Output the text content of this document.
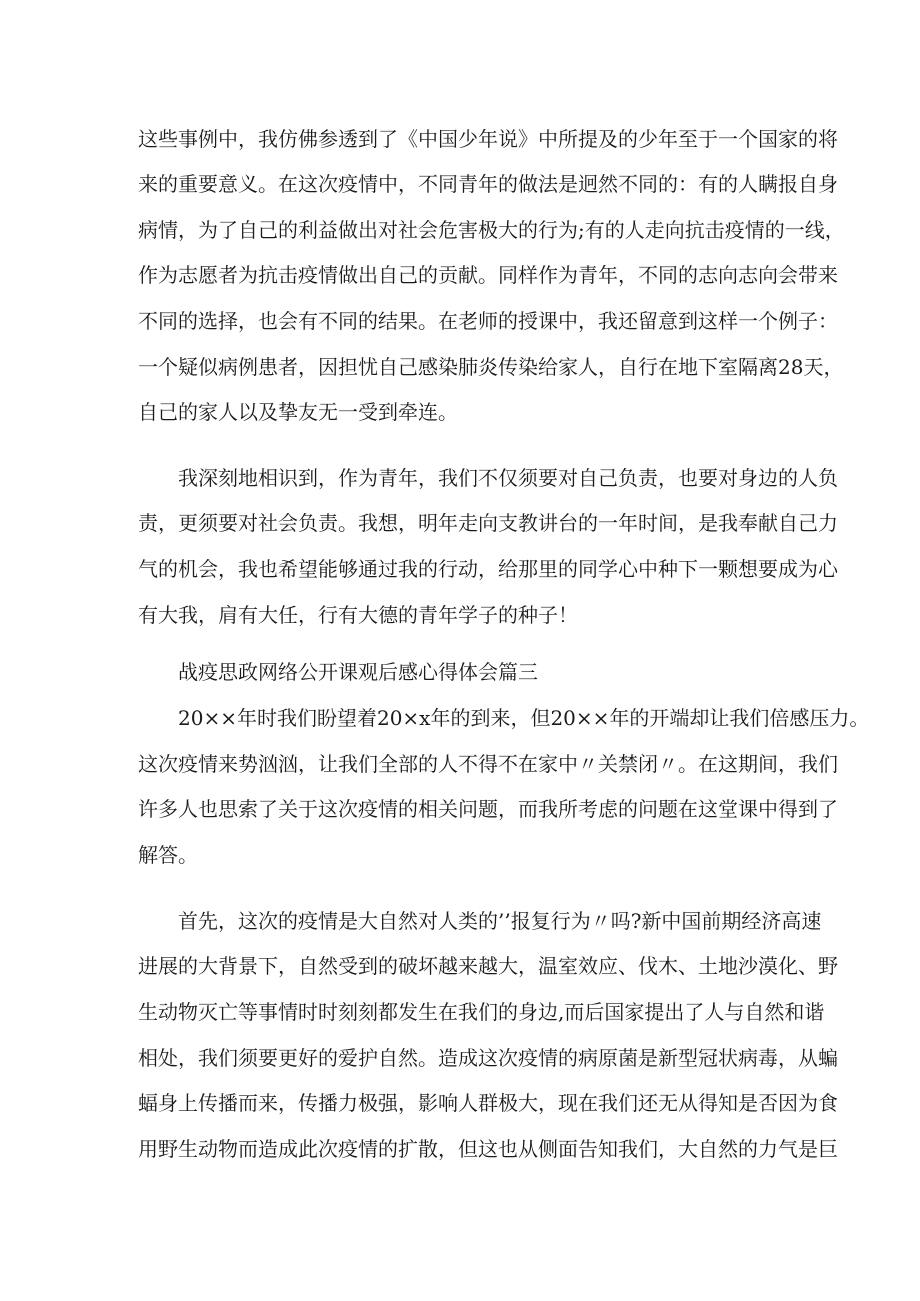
这些事例中，我仿佛参透到了《中国少年说》中所提及的少年至于一个国家的将
来的重要意义。在这次疫情中，不同青年的做法是迥然不同的：有的人瞒报自身
病情，为了自己的利益做出对社会危害极大的行为;有的人走向抗击疫情的一线，
作为志愿者为抗击疫情做出自己的贡献。同样作为青年，不同的志向志向会带来
不同的选择，也会有不同的结果。在老师的授课中，我还留意到这样一个例子：
一个疑似病例患者，因担忧自己感染肺炎传染给家人，自行在地下室隔离28天，
自己的家人以及挚友无一受到牵连。
我深刻地相识到，作为青年，我们不仅须要对自己负责，也要对身边的人负
责，更须要对社会负责。我想，明年走向支教讲台的一年时间，是我奉献自己力
气的机会，我也希望能够通过我的行动，给那里的同学心中种下一颗想要成为心
有大我，肩有大任，行有大德的青年学子的种子！
战疫思政网络公开课观后感心得体会篇三
20××年时我们盼望着20×x年的到来，但20××年的开端却让我们倍感压力。
这次疫情来势汹汹，让我们全部的人不得不在家中〃关禁闭〃。在这期间，我们
许多人也思索了关于这次疫情的相关问题，而我所考虑的问题在这堂课中得到了
解答。
首先，这次的疫情是大自然对人类的’’报复行为〃吗?新中国前期经济高速
进展的大背景下，自然受到的破坏越来越大，温室效应、伐木、土地沙漠化、野
生动物灭亡等事情时时刻刻都发生在我们的身边,而后国家提出了人与自然和谐
相处，我们须要更好的爱护自然。造成这次疫情的病原菌是新型冠状病毒，从蝙
蝠身上传播而来，传播力极强，影响人群极大，现在我们还无从得知是否因为食
用野生动物而造成此次疫情的扩散，但这也从侧面告知我们，大自然的力气是巨
